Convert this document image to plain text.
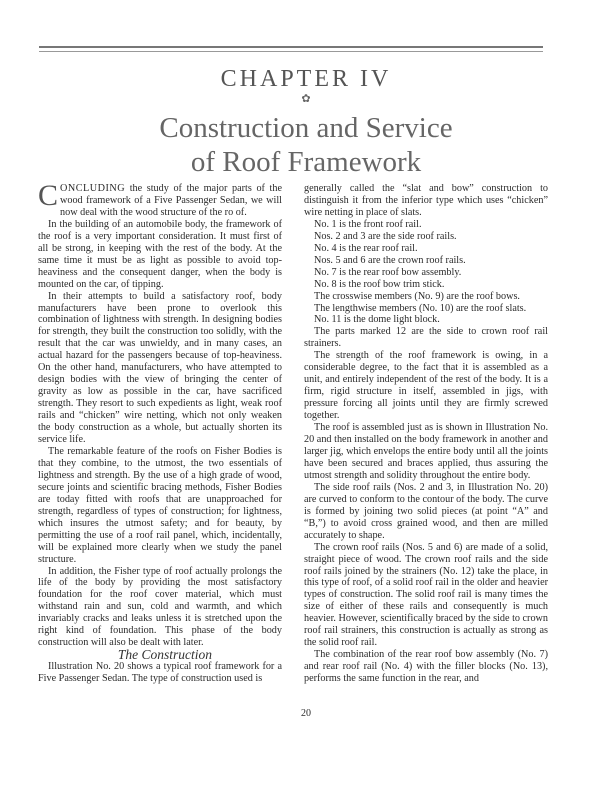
CHAPTER IV
✿
Construction and Service
of Roof Framework

CONCLUDING the study of the major parts of the wood framework of a Five Passenger Sedan, we will now deal with the wood structure of the ro of.

In the building of an automobile body, the framework of the roof is a very important consideration. It must first of all be strong, in keeping with the rest of the body. At the same time it must be as light as possible to avoid top-heaviness and the consequent danger, when the body is mounted on the car, of tipping.

In their attempts to build a satisfactory roof, body manufacturers have been prone to overlook this combination of lightness with strength. In designing bodies for strength, they built the construction too solidly, with the result that the car was unwieldy, and in many cases, an actual hazard for the passengers because of top-heaviness. On the other hand, manufacturers, who have attempted to design bodies with the view of bringing the center of gravity as low as possible in the car, have sacrificed strength. They resort to such expedients as light, weak roof rails and “chicken” wire netting, which not only weaken the body construction as a whole, but actually shorten its service life.

The remarkable feature of the roofs on Fisher Bodies is that they combine, to the utmost, the two essentials of lightness and strength. By the use of a high grade of wood, secure joints and scientific bracing methods, Fisher Bodies are today fitted with roofs that are unapproached for strength, regardless of types of construction; for lightness, which insures the utmost safety; and for beauty, by permitting the use of a roof rail panel, which, incidentally, will be explained more clearly when we study the panel structure.

In addition, the Fisher type of roof actually prolongs the life of the body by providing the most satisfactory foundation for the roof cover material, which must withstand rain and sun, cold and warmth, and which invariably cracks and leaks unless it is stretched upon the right kind of foundation. This phase of the body construction will also be dealt with later.

The Construction

Illustration No. 20 shows a typical roof framework for a Five Passenger Sedan. The type of construction used is

generally called the “slat and bow” construction to distinguish it from the inferior type which uses “chicken” wire netting in place of slats.

No. 1 is the front roof rail.

Nos. 2 and 3 are the side roof rails.

No. 4 is the rear roof rail.

Nos. 5 and 6 are the crown roof rails.

No. 7 is the rear roof bow assembly.

No. 8 is the roof bow trim stick.

The crosswise members (No. 9) are the roof bows.

The lengthwise members (No. 10) are the roof slats.

No. 11 is the dome light block.

The parts marked 12 are the side to crown roof rail strainers.

The strength of the roof framework is owing, in a considerable degree, to the fact that it is assembled as a unit, and entirely independent of the rest of the body. It is a firm, rigid structure in itself, assembled in jigs, with pressure forcing all joints until they are firmly screwed together.

The roof is assembled just as is shown in Illustration No. 20 and then installed on the body framework in another and larger jig, which envelops the entire body until all the joints have been secured and braces applied, thus assuring the utmost strength and solidity throughout the entire body.

The side roof rails (Nos. 2 and 3, in Illustration No. 20) are curved to conform to the contour of the body. The curve is formed by joining two solid pieces (at point “A” and “B,”) to avoid cross grained wood, and then are milled accurately to shape.

The crown roof rails (Nos. 5 and 6) are made of a solid, straight piece of wood. The crown roof rails and the side roof rails joined by the strainers (No. 12) take the place, in this type of roof, of a solid roof rail in the older and heavier types of construction. The solid roof rail is many times the size of either of these rails and consequently is much heavier. However, scientifically braced by the side to crown roof rail strainers, this construction is actually as strong as the solid roof rail.

The combination of the rear roof bow assembly (No. 7) and rear roof rail (No. 4) with the filler blocks (No. 13), performs the same function in the rear, and

20
